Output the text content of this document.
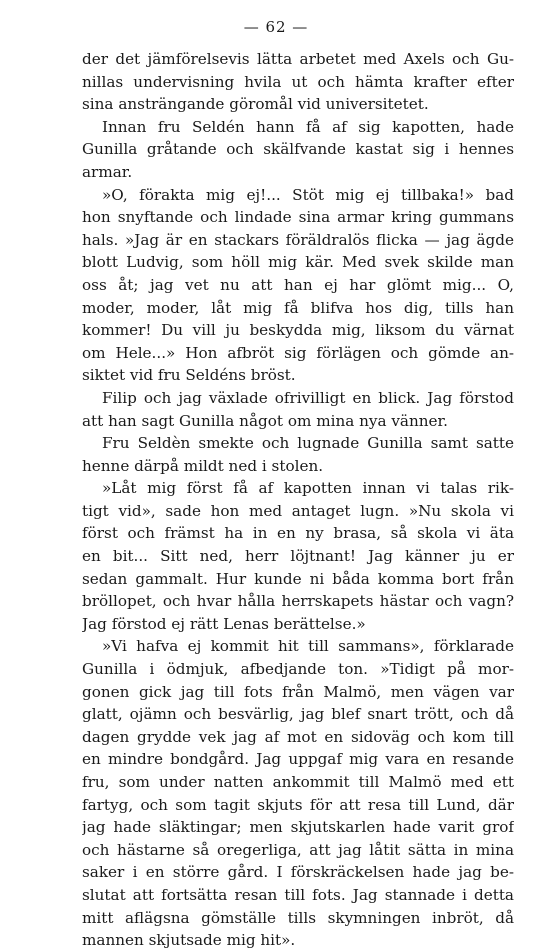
— 62 —
der det jämförelsevis lätta arbetet med Axels och Gu-
nillas undervisning hvila ut och hämta krafter efter
sina ansträngande göromål vid universitetet.
Innan fru Seldén hann få af sig kapotten, hade
Gunilla gråtande och skälfvande kastat sig i hennes
armar.
»O, förakta mig ej!... Stöt mig ej tillbaka!» bad
hon snyftande och lindade sina armar kring gummans
hals. »Jag är en stackars föräldralös flicka — jag ägde
blott Ludvig, som höll mig kär. Med svek skilde man
oss åt; jag vet nu att han ej har glömt mig... O,
moder, moder, låt mig få blifva hos dig, tills han
kommer! Du vill ju beskydda mig, liksom du värnat
om Hele...» Hon afbröt sig förlägen och gömde an-
siktet vid fru Seldéns bröst.
Filip och jag växlade ofrivilligt en blick. Jag förstod
att han sagt Gunilla något om mina nya vänner.
Fru Seldèn smekte och lugnade Gunilla samt satte
henne därpå mildt ned i stolen.
»Låt mig först få af kapotten innan vi talas rik-
tigt vid», sade hon med antaget lugn. »Nu skola vi
först och främst ha in en ny brasa, så skola vi äta
en bit... Sitt ned, herr löjtnant! Jag känner ju er
sedan gammalt. Hur kunde ni båda komma bort från
bröllopet, och hvar hålla herrskapets hästar och vagn?
Jag förstod ej rätt Lenas berättelse.»
»Vi hafva ej kommit hit till sammans», förklarade
Gunilla i ödmjuk, afbedjande ton. »Tidigt på mor-
gonen gick jag till fots från Malmö, men vägen var
glatt, ojämn och besvärlig, jag blef snart trött, och då
dagen grydde vek jag af mot en sidoväg och kom till
en mindre bondgård. Jag uppgaf mig vara en resande
fru, som under natten ankommit till Malmö med ett
fartyg, och som tagit skjuts för att resa till Lund, där
jag hade släktingar; men skjutskarlen hade varit grof
och hästarne så oregerliga, att jag låtit sätta in mina
saker i en större gård. I förskräckelsen hade jag be-
slutat att fortsätta resan till fots. Jag stannade i detta
mitt aflägsna gömställe tills skymningen inbröt, då
mannen skjutsade mig hit».
